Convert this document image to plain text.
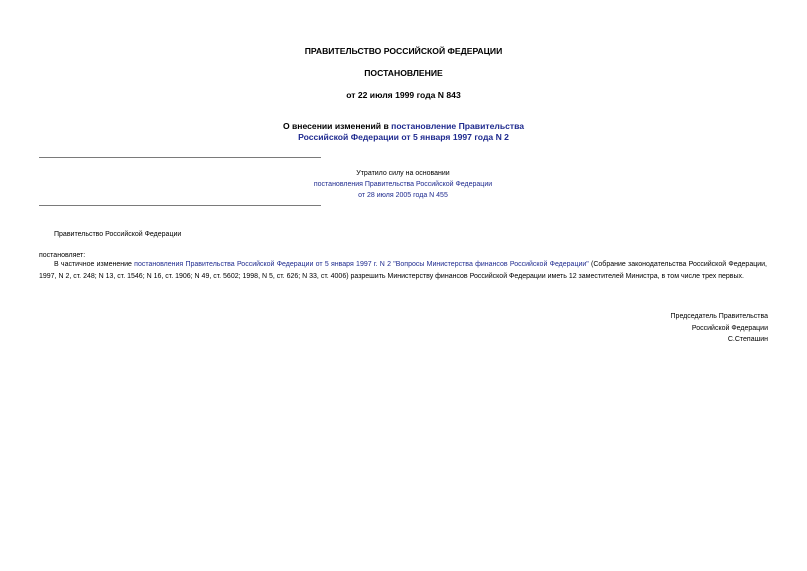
ПРАВИТЕЛЬСТВО РОССИЙСКОЙ ФЕДЕРАЦИИ
ПОСТАНОВЛЕНИЕ
от 22 июля 1999 года N 843
О внесении изменений в постановление Правительства
Российской Федерации от 5 января 1997 года N 2
Утратило силу на основании
постановления Правительства Российской Федерации
от 28 июля 2005 года N 455
Правительство Российской Федерации
постановляет:
В частичное изменение постановления Правительства Российской Федерации от 5 января 1997 г. N 2 "Вопросы Министерства финансов Российской Федерации" (Собрание законодательства Российской Федерации, 1997, N 2, ст. 248; N 13, ст. 1546; N 16, ст. 1906; N 49, ст. 5602; 1998, N 5, ст. 626; N 33, ст. 4006) разрешить Министерству финансов Российской Федерации иметь 12 заместителей Министра, в том числе трех первых.
Председатель Правительства
Российской Федерации
С.Степашин
